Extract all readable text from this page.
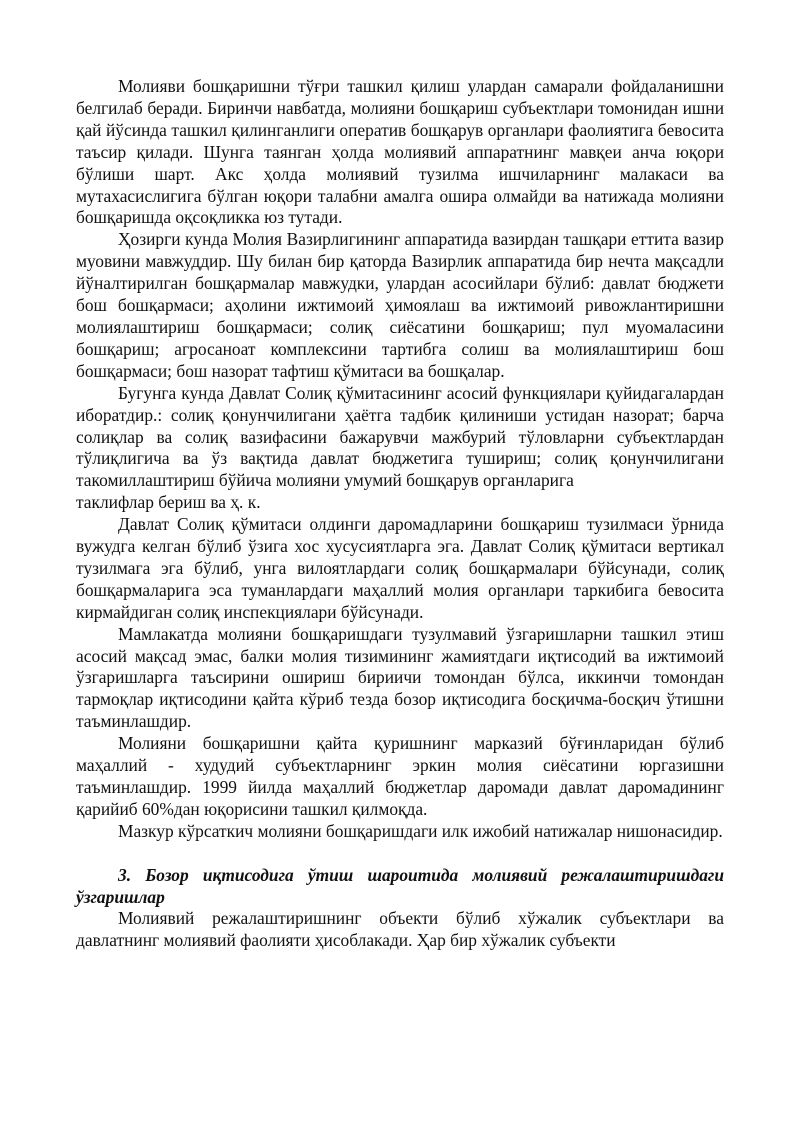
Молияви бошқаришни тўғри ташкил қилиш улардан самарали фойдаланишни белгилаб беради. Биринчи навбатда, молияни бошқариш субъектлари томонидан ишни қай йўсинда ташкил қилинганлиги оператив бошқарув органлари фаолиятига бевосита таъсир қилади. Шунга таянган ҳолда молиявий аппаратнинг мавқеи анча юқори бўлиши шарт. Акс ҳолда молиявий тузилма ишчиларнинг малакаси ва мутахасислигига бўлган юқори талабни амалга ошира олмайди ва натижада молияни бошқаришда оқсоқликка юз тутади.

Ҳозирги кунда Молия Вазирлигининг аппаратида вазирдан ташқари еттита вазир муовини мавжуддир. Шу билан бир қаторда Вазирлик аппаратида бир нечта мақсадли йўналтирилган бошқармалар мавжудки, улардан асосийлари бўлиб: давлат бюджети бош бошқармаси; аҳолини ижтимоий ҳимоялаш ва ижтимоий ривожлантиришни молиялаштириш бошқармаси; солиқ сиёсатини бошқариш; пул муомаласини бошқариш; агросаноат комплексини тартибга солиш ва молиялаштириш бош бошқармаси; бош назорат тафтиш қўмитаси ва бошқалар.

Бугунга кунда Давлат Солиқ қўмитасининг асосий функциялари қуйидагалардан иборатдир.: солиқ қонунчилигани ҳаётга тадбик қилиниши устидан назорат; барча солиқлар ва солиқ вазифасини бажарувчи мажбурий тўловларни субъектлардан тўлиқлигича ва ўз вақтида давлат бюджетига тушириш; солиқ қонунчилигани такомиллаштириш бўйича молияни умумий бошқарув органларига

таклифлар бериш ва ҳ. к.

Давлат Солиқ қўмитаси олдинги даромадларини бошқариш тузилмаси ўрнида вужудга келган бўлиб ўзига хос хусусиятларга эга. Давлат Солиқ қўмитаси вертикал тузилмага эга бўлиб, унга вилоятлардаги солиқ бошқармалари бўйсунади, солиқ бошқармаларига эса туманлардаги маҳаллий молия органлари таркибига бевосита кирмайдиган солиқ инспекциялари бўйсунади.

Мамлакатда молияни бошқаришдаги тузулмавий ўзгаришларни ташкил этиш асосий мақсад эмас, балки молия тизимининг жамиятдаги иқтисодий ва ижтимоий ўзгаришларга таъсирини ошириш бириичи томондан бўлса, иккинчи томондан тармоқлар иқтисодини қайта кўриб тезда бозор иқтисодига босқичма-босқич ўтишни таъминлашдир.

Молияни бошқаришни қайта қуришнинг марказий бўғинларидан бўлиб маҳаллий - худудий субъектларнинг эркин молия сиёсатини юргазишни таъминлашдир. 1999 йилда маҳаллий бюджетлар даромади давлат даромадининг қарийиб 60%дан юқорисини ташкил қилмоқда.

Мазкур кўрсаткич молияни бошқаришдаги илк ижобий натижалар нишонасидир.

3. Бозор иқтисодига ўтиш шароитида молиявий режалаштиришдаги ўзгаришлар

Молиявий режалаштиришнинг объекти бўлиб хўжалик субъектлари ва давлатнинг молиявий фаолияти ҳисоблакади. Ҳар бир хўжалик субъекти
